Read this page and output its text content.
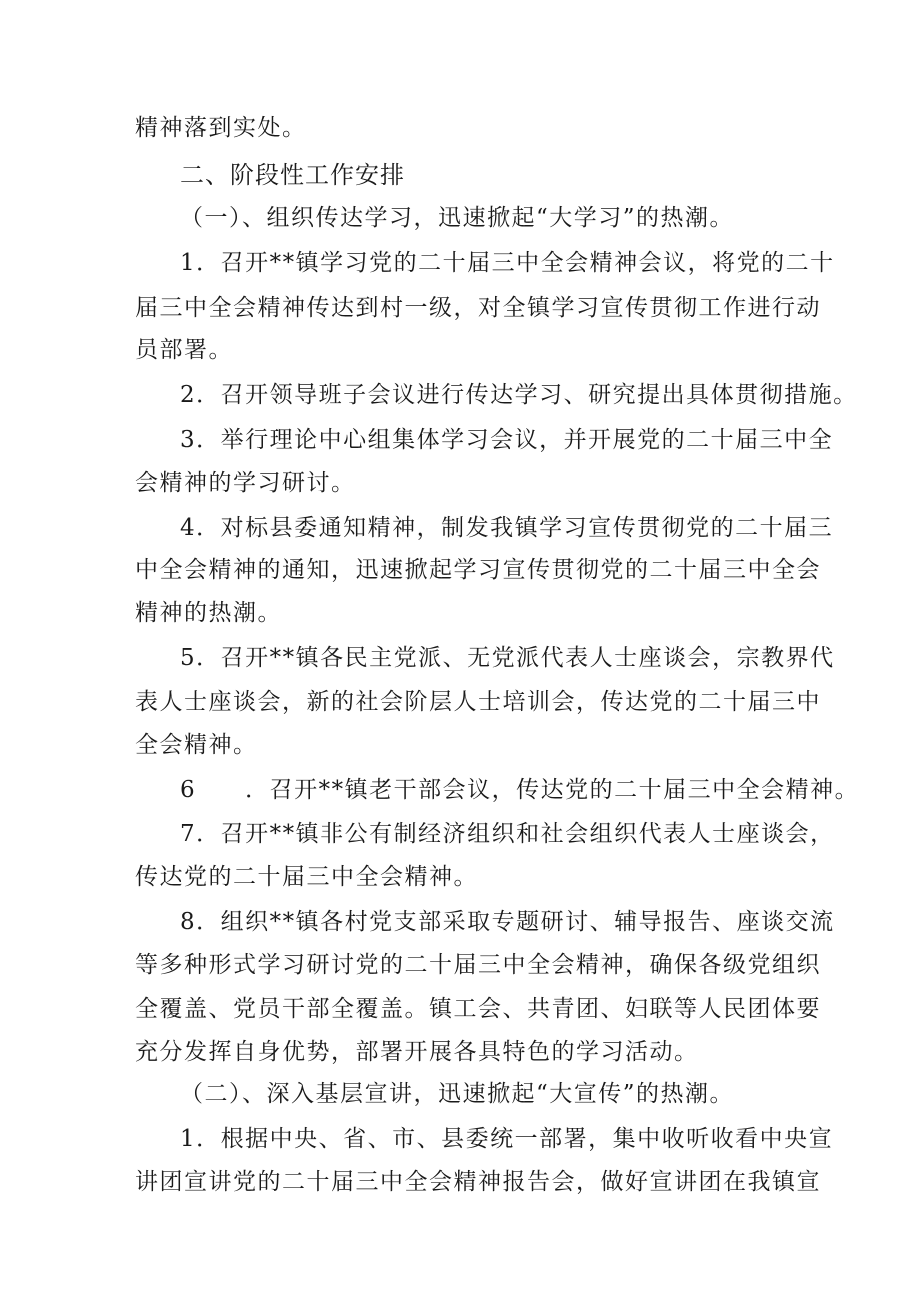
精神落到实处。
二、阶段性工作安排
（一）、组织传达学习，迅速掀起“大学习”的热潮。
1．召开**镇学习党的二十届三中全会精神会议，将党的二十
届三中全会精神传达到村一级，对全镇学习宣传贯彻工作进行动
员部署。
2．召开领导班子会议进行传达学习、研究提出具体贯彻措施。
3．举行理论中心组集体学习会议，并开展党的二十届三中全
会精神的学习研讨。
4．对标县委通知精神，制发我镇学习宣传贯彻党的二十届三
中全会精神的通知，迅速掀起学习宣传贯彻党的二十届三中全会
精神的热潮。
5．召开**镇各民主党派、无党派代表人士座谈会，宗教界代
表人士座谈会，新的社会阶层人士培训会，传达党的二十届三中
全会精神。
6　　．召开**镇老干部会议，传达党的二十届三中全会精神。
7．召开**镇非公有制经济组织和社会组织代表人士座谈会，
传达党的二十届三中全会精神。
8．组织**镇各村党支部采取专题研讨、辅导报告、座谈交流
等多种形式学习研讨党的二十届三中全会精神，确保各级党组织
全覆盖、党员干部全覆盖。镇工会、共青团、妇联等人民团体要
充分发挥自身优势，部署开展各具特色的学习活动。
（二）、深入基层宣讲，迅速掀起“大宣传”的热潮。
1．根据中央、省、市、县委统一部署，集中收听收看中央宣
讲团宣讲党的二十届三中全会精神报告会，做好宣讲团在我镇宣
